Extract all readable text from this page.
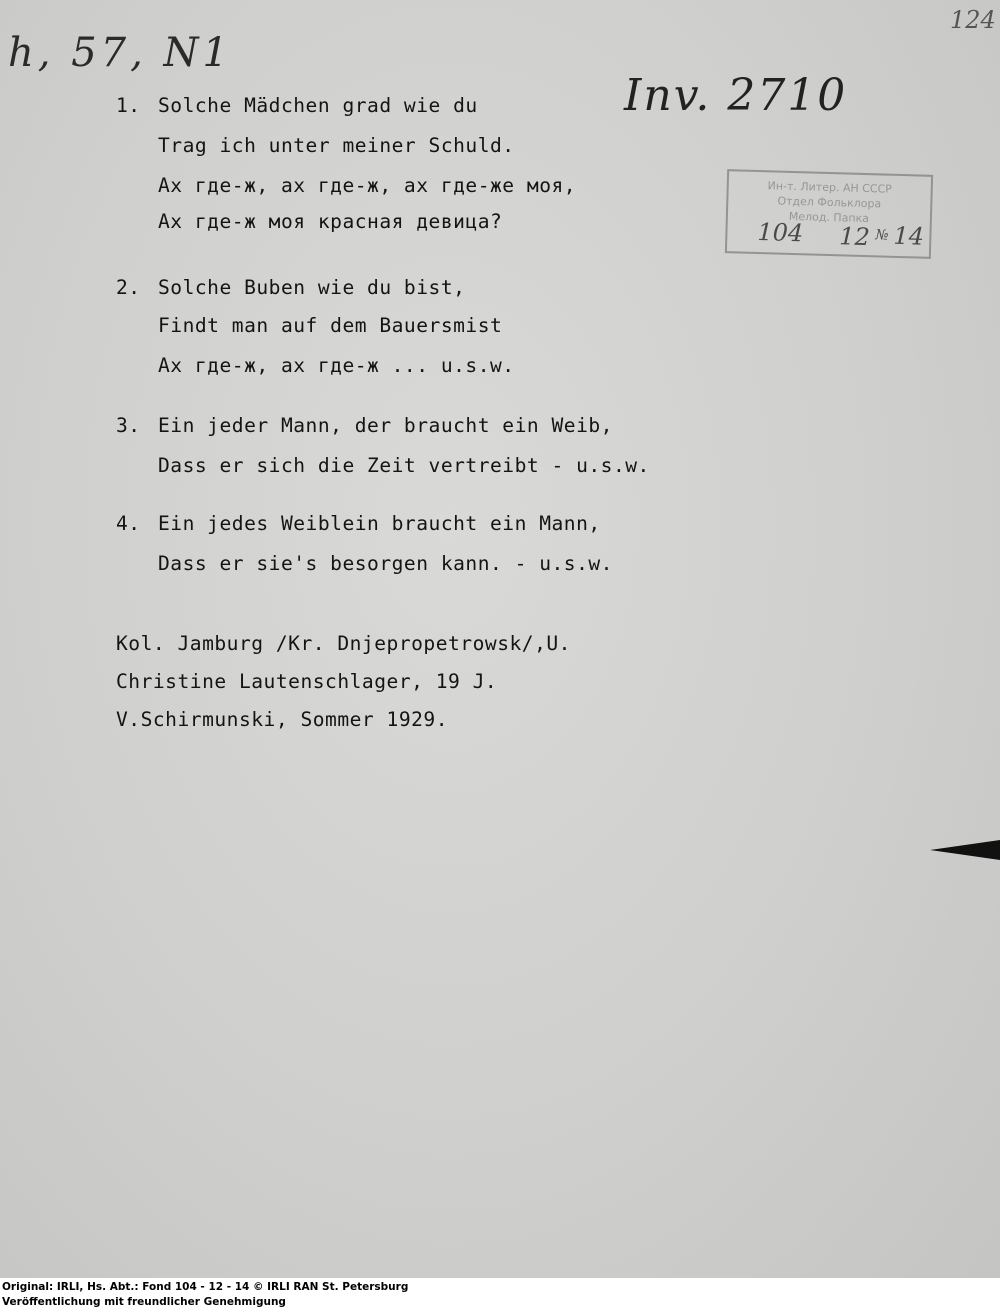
124
h, 57, N1
Inv. 2710
Ин-т. Литер. АН СССР
Отдел Фольклора
Мелод. Папка
104 12 № 14
1. Solche Mädchen grad wie du
Trag ich unter meiner Schuld.
Ах где-ж, ах где-ж, ах где-же моя,
Ах где-ж моя красная девица?
2. Solche Buben wie du bist,
Findt man auf dem Bauersmist
Ах где-ж, ах где-ж ... u.s.w.
3. Ein jeder Mann, der braucht ein Weib,
Dass er sich die Zeit vertreibt - u.s.w.
4. Ein jedes Weiblein braucht ein Mann,
Dass er sie's besorgen kann. - u.s.w.
Kol. Jamburg /Kr. Dnjepropetrowsk/,U.
Christine Lautenschlager, 19 J.
V.Schirmunski, Sommer 1929.
Original: IRLI, Hs. Abt.: Fond 104 - 12 - 14 © IRLI RAN St. Petersburg
Veröffentlichung mit freundlicher Genehmigung
